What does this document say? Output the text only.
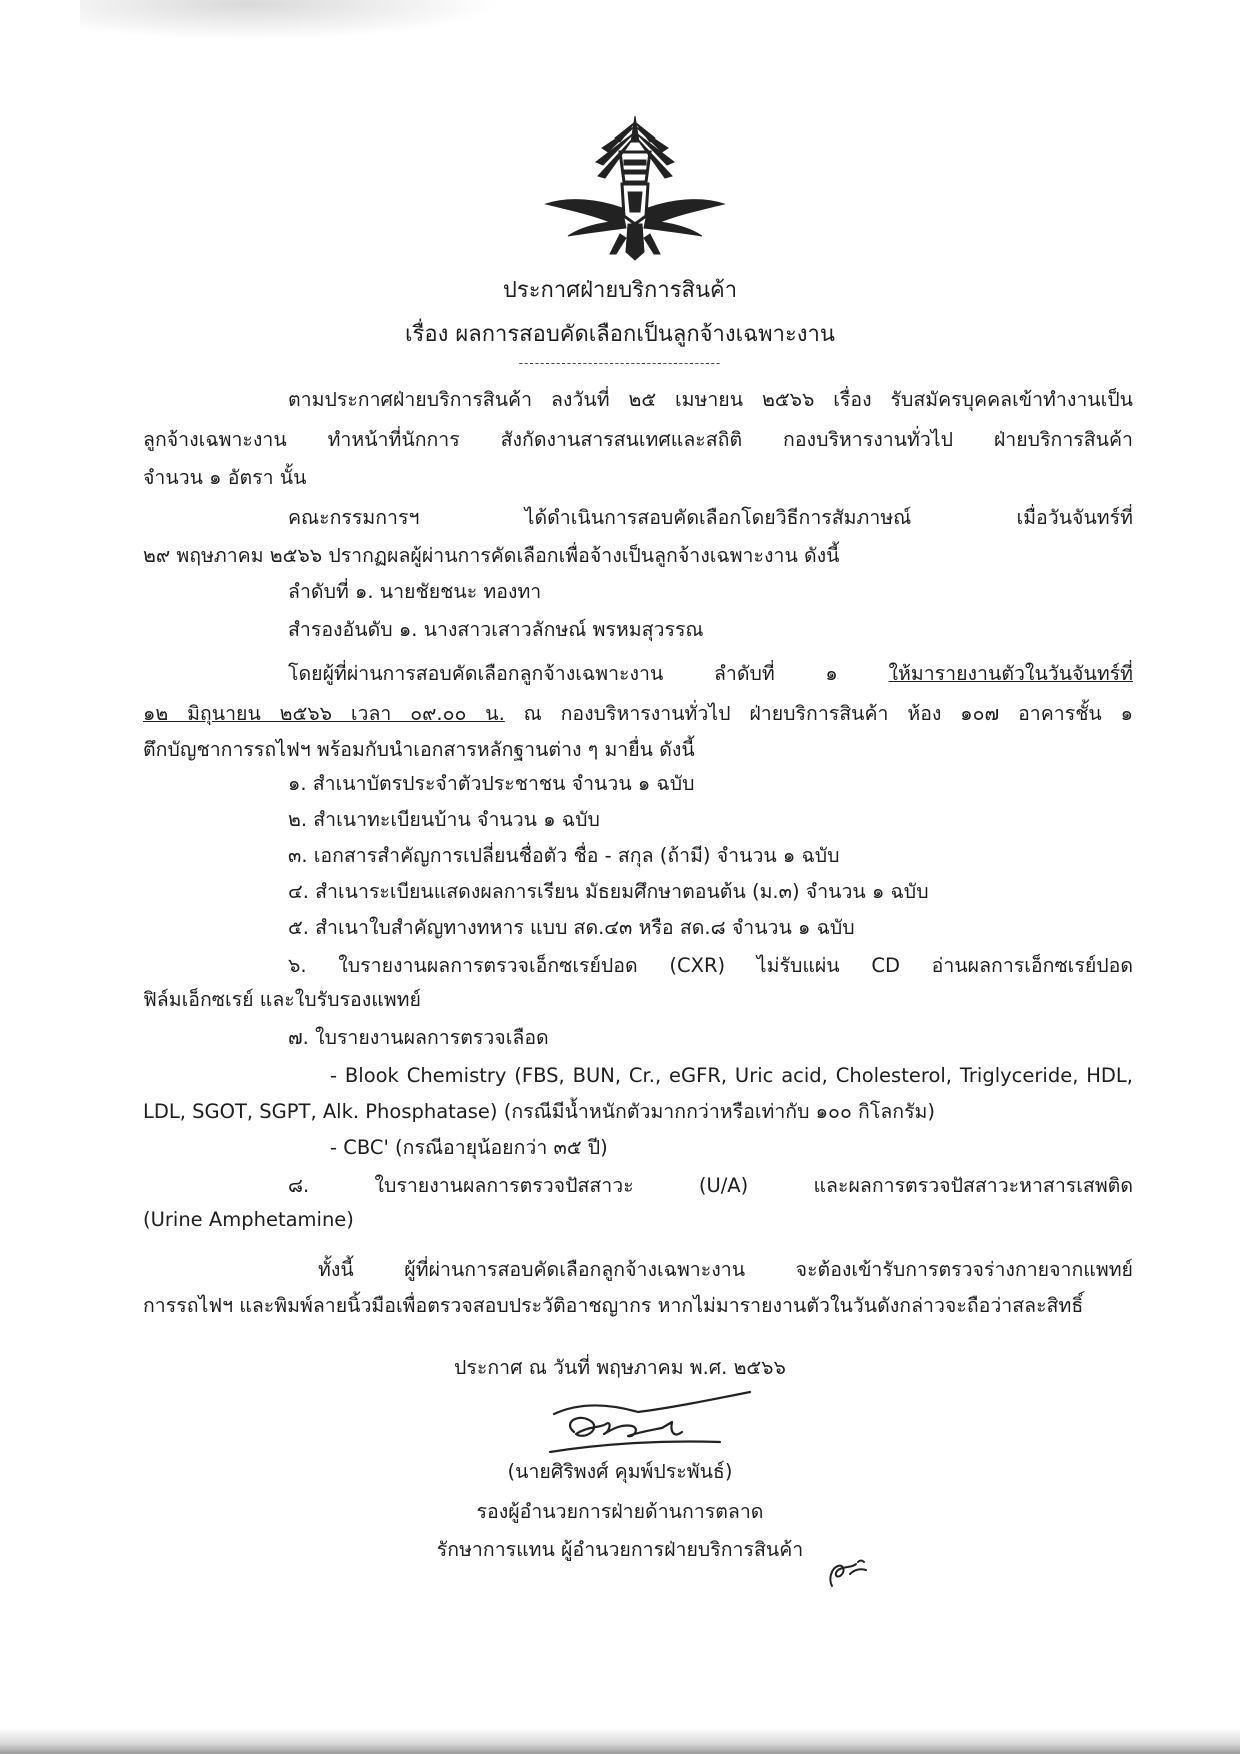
ประกาศฝ่ายบริการสินค้า
เรื่อง ผลการสอบคัดเลือกเป็นลูกจ้างเฉพาะงาน
--------------------------------------
ตามประกาศฝ่ายบริการสินค้า ลงวันที่ ๒๕ เมษายน ๒๕๖๖ เรื่อง รับสมัครบุคคลเข้าทำงานเป็น
ลูกจ้างเฉพาะงาน ทำหน้าที่นักการ สังกัดงานสารสนเทศและสถิติ กองบริหารงานทั่วไป ฝ่ายบริการสินค้า
จำนวน ๑ อัตรา นั้น
คณะกรรมการฯ ได้ดำเนินการสอบคัดเลือกโดยวิธีการสัมภาษณ์ เมื่อวันจันทร์ที่
๒๙ พฤษภาคม ๒๕๖๖ ปรากฏผลผู้ผ่านการคัดเลือกเพื่อจ้างเป็นลูกจ้างเฉพาะงาน ดังนี้
ลำดับที่ ๑. นายชัยชนะ ทองทา
สำรองอันดับ ๑. นางสาวเสาวลักษณ์ พรหมสุวรรณ
โดยผู้ที่ผ่านการสอบคัดเลือกลูกจ้างเฉพาะงาน ลำดับที่ ๑ ให้มารายงานตัวในวันจันทร์ที่
๑๒ มิถุนายน ๒๕๖๖ เวลา ๐๙.๐๐ น. ณ กองบริหารงานทั่วไป ฝ่ายบริการสินค้า ห้อง ๑๐๗ อาคารชั้น ๑
ตึกบัญชาการรถไฟฯ พร้อมกับนำเอกสารหลักฐานต่าง ๆ มายื่น ดังนี้
๑. สำเนาบัตรประจำตัวประชาชน จำนวน ๑ ฉบับ
๒. สำเนาทะเบียนบ้าน จำนวน ๑ ฉบับ
๓. เอกสารสำคัญการเปลี่ยนชื่อตัว ชื่อ - สกุล (ถ้ามี) จำนวน ๑ ฉบับ
๔. สำเนาระเบียนแสดงผลการเรียน มัธยมศึกษาตอนต้น (ม.๓) จำนวน ๑ ฉบับ
๕. สำเนาใบสำคัญทางทหาร แบบ สด.๔๓ หรือ สด.๘ จำนวน ๑ ฉบับ
๖. ใบรายงานผลการตรวจเอ็กซเรย์ปอด (CXR) ไม่รับแผ่น CD อ่านผลการเอ็กซเรย์ปอด
ฟิล์มเอ็กซเรย์ และใบรับรองแพทย์
๗. ใบรายงานผลการตรวจเลือด
- Blook Chemistry (FBS, BUN, Cr., eGFR, Uric acid, Cholesterol, Triglyceride, HDL,
LDL, SGOT, SGPT, Alk. Phosphatase) (กรณีมีน้ำหนักตัวมากกว่าหรือเท่ากับ ๑๐๐ กิโลกรัม)
- CBC' (กรณีอายุน้อยกว่า ๓๕ ปี)
๘. ใบรายงานผลการตรวจปัสสาวะ (U/A) และผลการตรวจปัสสาวะหาสารเสพติด
(Urine Amphetamine)
ทั้งนี้ ผู้ที่ผ่านการสอบคัดเลือกลูกจ้างเฉพาะงาน จะต้องเข้ารับการตรวจร่างกายจากแพทย์
การรถไฟฯ และพิมพ์ลายนิ้วมือเพื่อตรวจสอบประวัติอาชญากร หากไม่มารายงานตัวในวันดังกล่าวจะถือว่าสละสิทธิ์
ประกาศ ณ วันที่ พฤษภาคม พ.ศ. ๒๕๖๖
(นายศิริพงศ์ คุมพ์ประพันธ์)
รองผู้อำนวยการฝ่ายด้านการตลาด
รักษาการแทน ผู้อำนวยการฝ่ายบริการสินค้า
